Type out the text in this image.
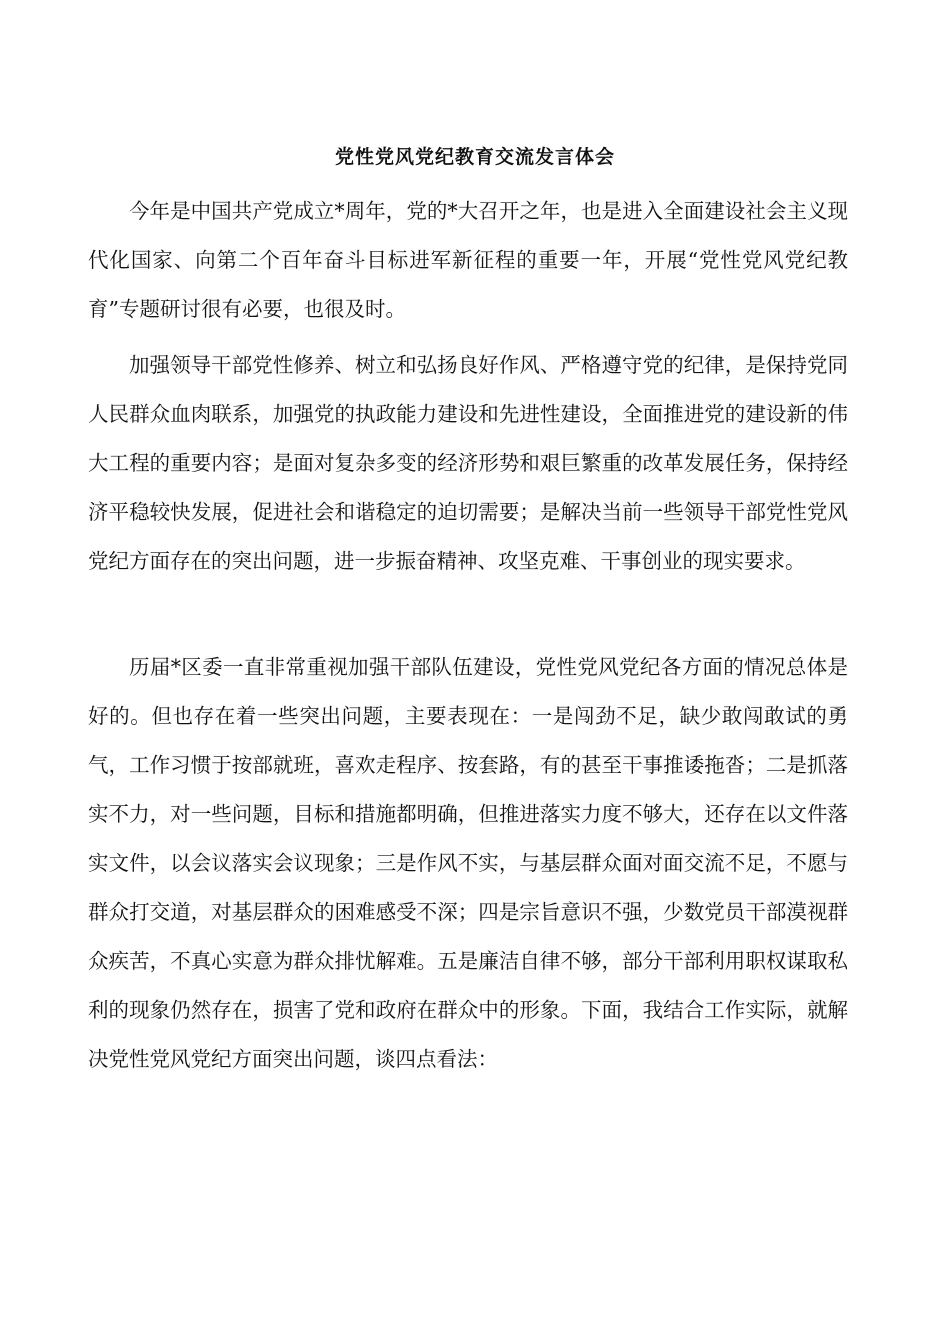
党性党风党纪教育交流发言体会

今年是中国共产党成立*周年，党的*大召开之年，也是进入全面建设社会主义现代化国家、向第二个百年奋斗目标进军新征程的重要一年，开展“党性党风党纪教育”专题研讨很有必要，也很及时。

加强领导干部党性修养、树立和弘扬良好作风、严格遵守党的纪律，是保持党同人民群众血肉联系，加强党的执政能力建设和先进性建设，全面推进党的建设新的伟大工程的重要内容；是面对复杂多变的经济形势和艰巨繁重的改革发展任务，保持经济平稳较快发展，促进社会和谐稳定的迫切需要；是解决当前一些领导干部党性党风党纪方面存在的突出问题，进一步振奋精神、攻坚克难、干事创业的现实要求。

历届*区委一直非常重视加强干部队伍建设，党性党风党纪各方面的情况总体是好的。但也存在着一些突出问题，主要表现在：一是闯劲不足，缺少敢闯敢试的勇气，工作习惯于按部就班，喜欢走程序、按套路，有的甚至干事推诿拖沓；二是抓落实不力，对一些问题，目标和措施都明确，但推进落实力度不够大，还存在以文件落实文件，以会议落实会议现象；三是作风不实，与基层群众面对面交流不足，不愿与群众打交道，对基层群众的困难感受不深；四是宗旨意识不强，少数党员干部漠视群众疾苦，不真心实意为群众排忧解难。五是廉洁自律不够，部分干部利用职权谋取私利的现象仍然存在，损害了党和政府在群众中的形象。下面，我结合工作实际，就解决党性党风党纪方面突出问题，谈四点看法：
